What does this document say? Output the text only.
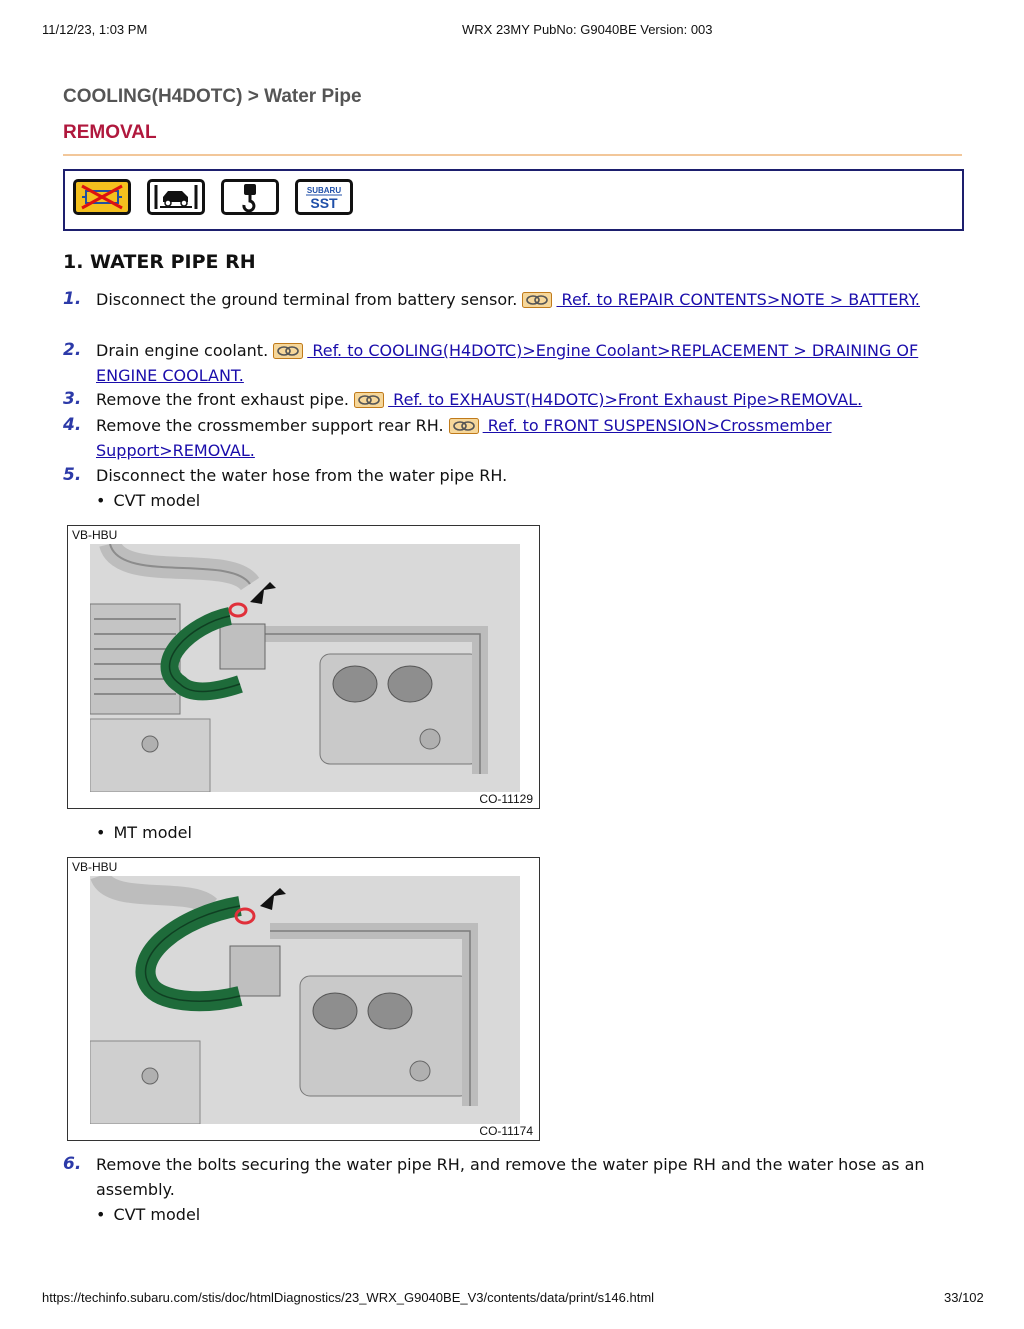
11/12/23, 1:03 PM	WRX 23MY PubNo: G9040BE Version: 003
COOLING(H4DOTC) > Water Pipe
REMOVAL
SUBARU
SST
1. WATER PIPE RH
1. Disconnect the ground terminal from battery sensor.  Ref. to REPAIR CONTENTS>NOTE > BATTERY.
2. Drain engine coolant.  Ref. to COOLING(H4DOTC)>Engine Coolant>REPLACEMENT > DRAINING OF ENGINE COOLANT.
3. Remove the front exhaust pipe.  Ref. to EXHAUST(H4DOTC)>Front Exhaust Pipe>REMOVAL.
4. Remove the crossmember support rear RH.  Ref. to FRONT SUSPENSION>Crossmember Support>REMOVAL.
5. Disconnect the water hose from the water pipe RH.
• CVT model
VB-HBU
CO-11129
• MT model
VB-HBU
CO-11174
6. Remove the bolts securing the water pipe RH, and remove the water pipe RH and the water hose as an assembly.
• CVT model
https://techinfo.subaru.com/stis/doc/htmlDiagnostics/23_WRX_G9040BE_V3/contents/data/print/s146.html	33/102
